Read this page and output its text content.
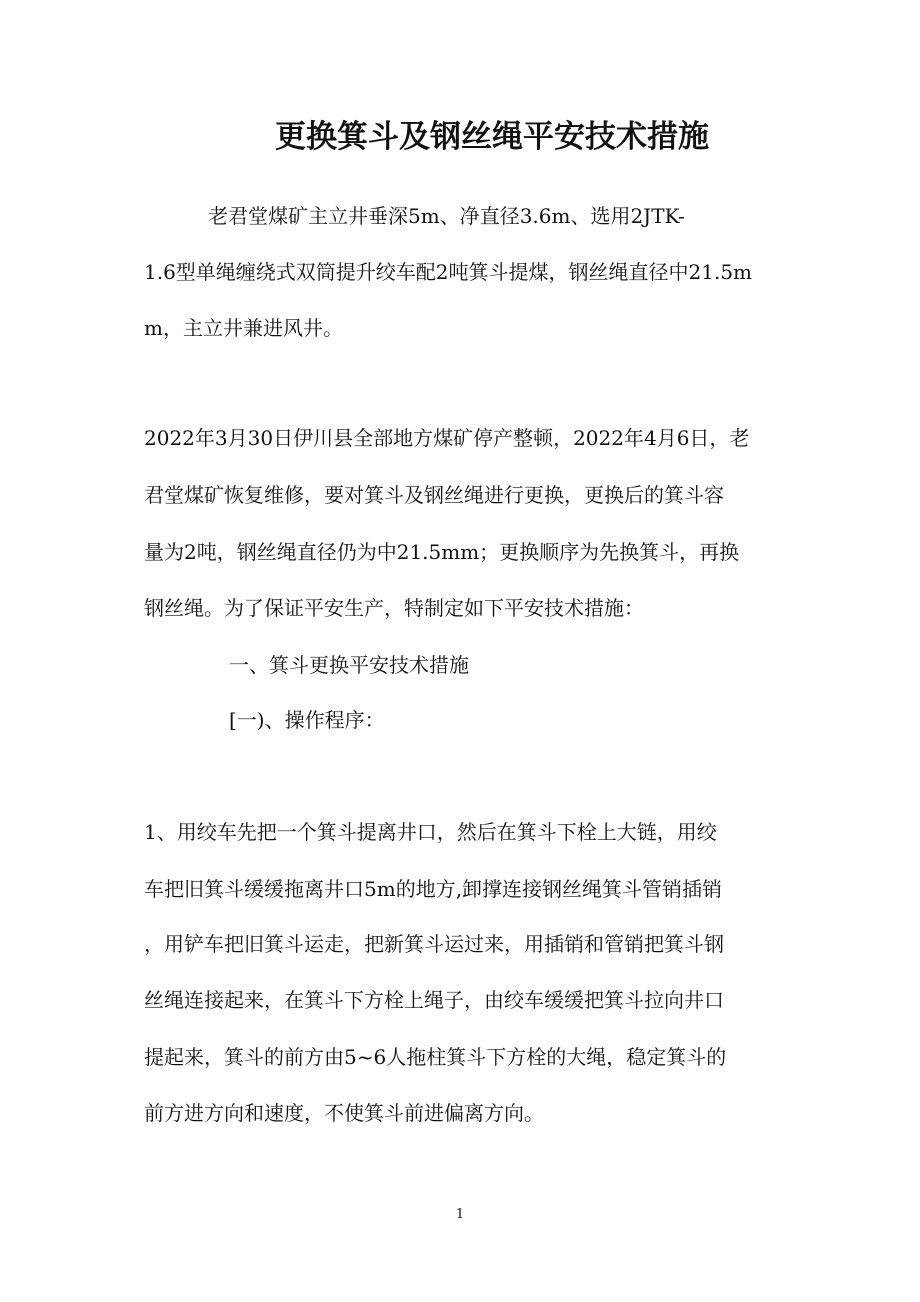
更换箕斗及钢丝绳平安技术措施
老君堂煤矿主立井垂深5m、净直径3.6m、选用2JTK-
1.6型单绳缠绕式双筒提升绞车配2吨箕斗提煤，钢丝绳直径中21.5m
m，主立井兼进风井。
2022年3月30日伊川县全部地方煤矿停产整顿，2022年4月6日，老
君堂煤矿恢复维修，要对箕斗及钢丝绳进行更换，更换后的箕斗容
量为2吨，钢丝绳直径仍为中21.5mm；更换顺序为先换箕斗，再换
钢丝绳。为了保证平安生产，特制定如下平安技术措施：
一、箕斗更换平安技术措施
[一)、操作程序：
1、用绞车先把一个箕斗提离井口，然后在箕斗下栓上大链，用绞
车把旧箕斗缓缓拖离井口5m的地方,卸撑连接钢丝绳箕斗管销插销
，用铲车把旧箕斗运走，把新箕斗运过来，用插销和管销把箕斗钢
丝绳连接起来，在箕斗下方栓上绳子，由绞车缓缓把箕斗拉向井口
提起来，箕斗的前方由5~6人拖柱箕斗下方栓的大绳，稳定箕斗的
前方进方向和速度，不使箕斗前进偏离方向。
1
